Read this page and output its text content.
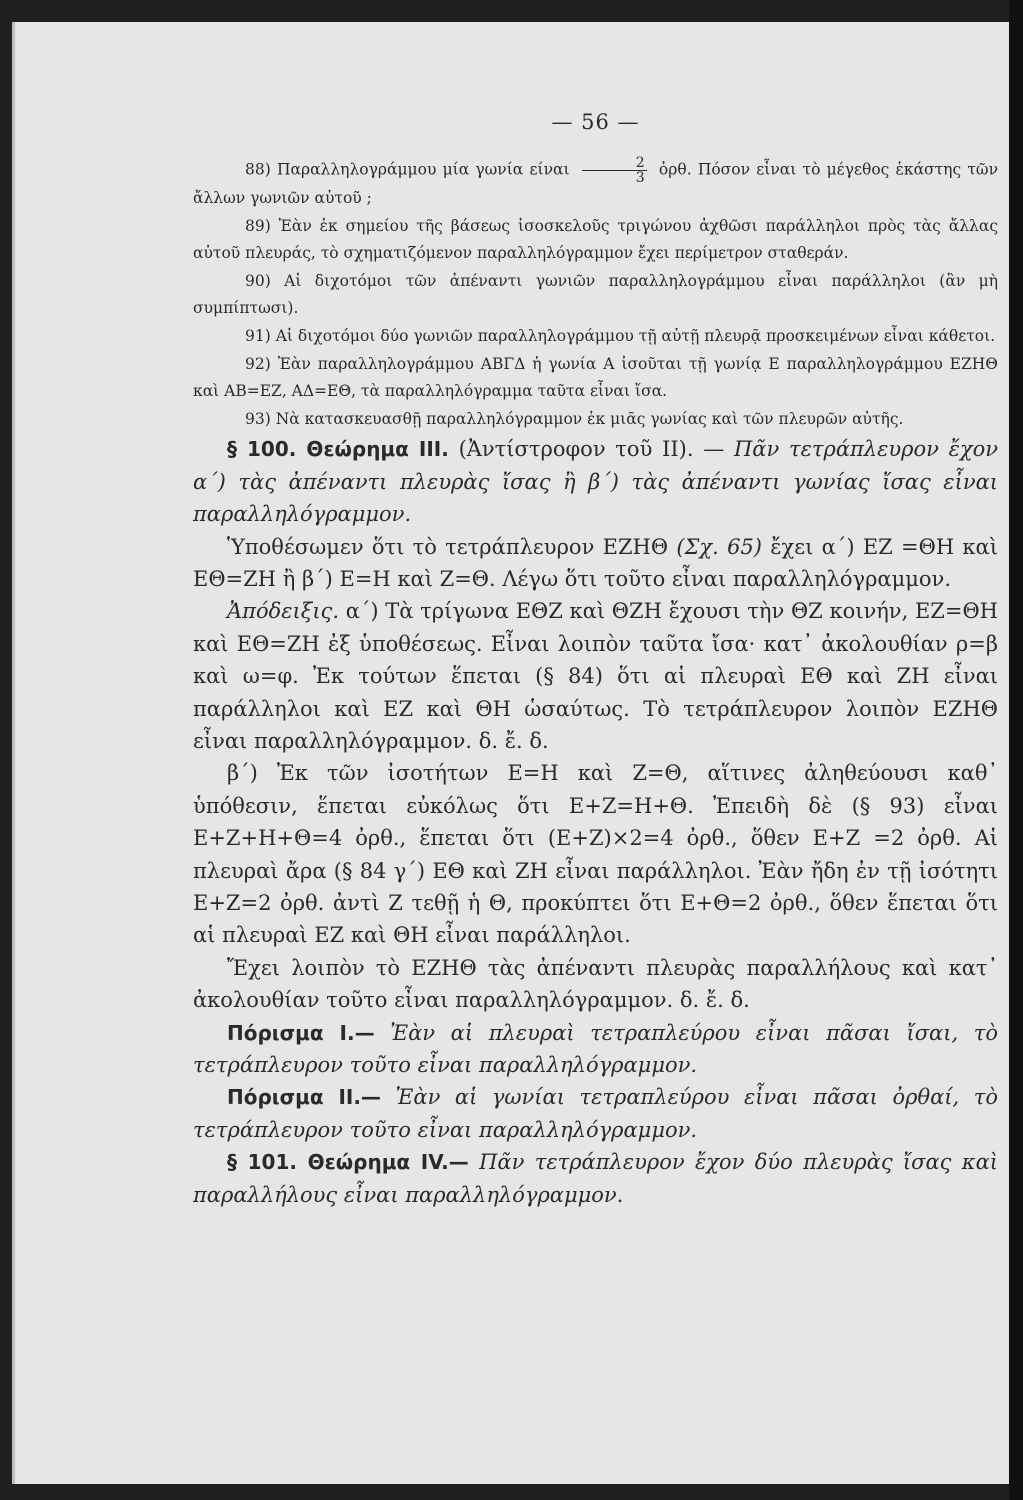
— 56 —

88) Παραλληλογράμμου μία γωνία είναι $\frac{2}{3}$ ὀρθ. Πόσον εἶναι τὸ μέγεθος ἑκάστης τῶν ἄλλων γωνιῶν αὐτοῦ ;

89) Ἐὰν ἐκ σημείου τῆς βάσεως ἰσοσκελοῦς τριγώνου ἀχθῶσι παράλληλοι πρὸς τὰς ἄλλας αὐτοῦ πλευράς, τὸ σχηματιζόμενον παραλληλόγραμμον ἔχει περίμετρον σταθεράν.

90) Αἱ διχοτόμοι τῶν ἀπέναντι γωνιῶν παραλληλογράμμου εἶναι παράλληλοι (ἂν μὴ συμπίπτωσι).

91) Αἱ διχοτόμοι δύο γωνιῶν παραλληλογράμμου τῇ αὐτῇ πλευρᾷ προσκειμένων εἶναι κάθετοι.

92) Ἐὰν παραλληλογράμμου ΑΒΓΔ ἡ γωνία Α ἰσοῦται τῇ γωνίᾳ Ε παραλληλογράμμου ΕΖΗΘ καὶ ΑΒ=ΕΖ, ΑΔ=ΕΘ, τὰ παραλληλόγραμμα ταῦτα εἶναι ἴσα.

93) Νὰ κατασκευασθῇ παραλληλόγραμμον ἐκ μιᾶς γωνίας καὶ τῶν πλευρῶν αὐτῆς.

§ 100. Θεώρημα III. (Ἀντίστροφον τοῦ II). — Πᾶν τετράπλευρον ἔχον α΄) τὰς ἀπέναντι πλευρὰς ἴσας ἢ β΄) τὰς ἀπέναντι γωνίας ἴσας εἶναι παραλληλόγραμμον.

Ὑποθέσωμεν ὅτι τὸ τετράπλευρον ΕΖΗΘ (Σχ. 65) ἔχει α΄) ΕΖ =ΘΗ καὶ ΕΘ=ΖΗ ἢ β΄) Ε=Η καὶ Ζ=Θ. Λέγω ὅτι τοῦτο εἶναι παραλληλόγραμμον.

Ἀπόδειξις. α΄) Τὰ τρίγωνα ΕΘΖ καὶ ΘΖΗ ἔχουσι τὴν ΘΖ κοινήν, ΕΖ=ΘΗ καὶ ΕΘ=ΖΗ ἐξ ὑποθέσεως. Εἶναι λοιπὸν ταῦτα ἴσα· κατ᾽ ἀκολουθίαν ρ=β καὶ ω=φ. Ἐκ τούτων ἕπεται (§ 84) ὅτι αἱ πλευραὶ ΕΘ καὶ ΖΗ εἶναι παράλληλοι καὶ ΕΖ καὶ ΘΗ ὡσαύτως. Τὸ τετράπλευρον λοιπὸν ΕΖΗΘ εἶναι παραλληλόγραμμον. δ. ἔ. δ.

β΄) Ἐκ τῶν ἰσοτήτων Ε=Η καὶ Ζ=Θ, αἵτινες ἀληθεύουσι καθ᾽ ὑπόθεσιν, ἕπεται εὐκόλως ὅτι Ε+Ζ=Η+Θ. Ἐπειδὴ δὲ (§ 93) εἶναι Ε+Ζ+Η+Θ=4 ὀρθ., ἕπεται ὅτι (Ε+Ζ)×2=4 ὀρθ., ὅθεν Ε+Ζ =2 ὀρθ. Αἱ πλευραὶ ἄρα (§ 84 γ΄) ΕΘ καὶ ΖΗ εἶναι παράλληλοι. Ἐὰν ἤδη ἐν τῇ ἰσότητι Ε+Ζ=2 ὀρθ. ἀντὶ Ζ τεθῇ ἡ Θ, προκύπτει ὅτι Ε+Θ=2 ὀρθ., ὅθεν ἕπεται ὅτι αἱ πλευραὶ ΕΖ καὶ ΘΗ εἶναι παράλληλοι.

Ἔχει λοιπὸν τὸ ΕΖΗΘ τὰς ἀπέναντι πλευρὰς παραλλήλους καὶ κατ᾽ ἀκολουθίαν τοῦτο εἶναι παραλληλόγραμμον. δ. ἔ. δ.

Πόρισμα I.— Ἐὰν αἱ πλευραὶ τετραπλεύρου εἶναι πᾶσαι ἴσαι, τὸ τετράπλευρον τοῦτο εἶναι παραλληλόγραμμον.

Πόρισμα II.— Ἐὰν αἱ γωνίαι τετραπλεύρου εἶναι πᾶσαι ὀρθαί, τὸ τετράπλευρον τοῦτο εἶναι παραλληλόγραμμον.

§ 101. Θεώρημα IV.— Πᾶν τετράπλευρον ἔχον δύο πλευρὰς ἴσας καὶ παραλλήλους εἶναι παραλληλόγραμμον.
